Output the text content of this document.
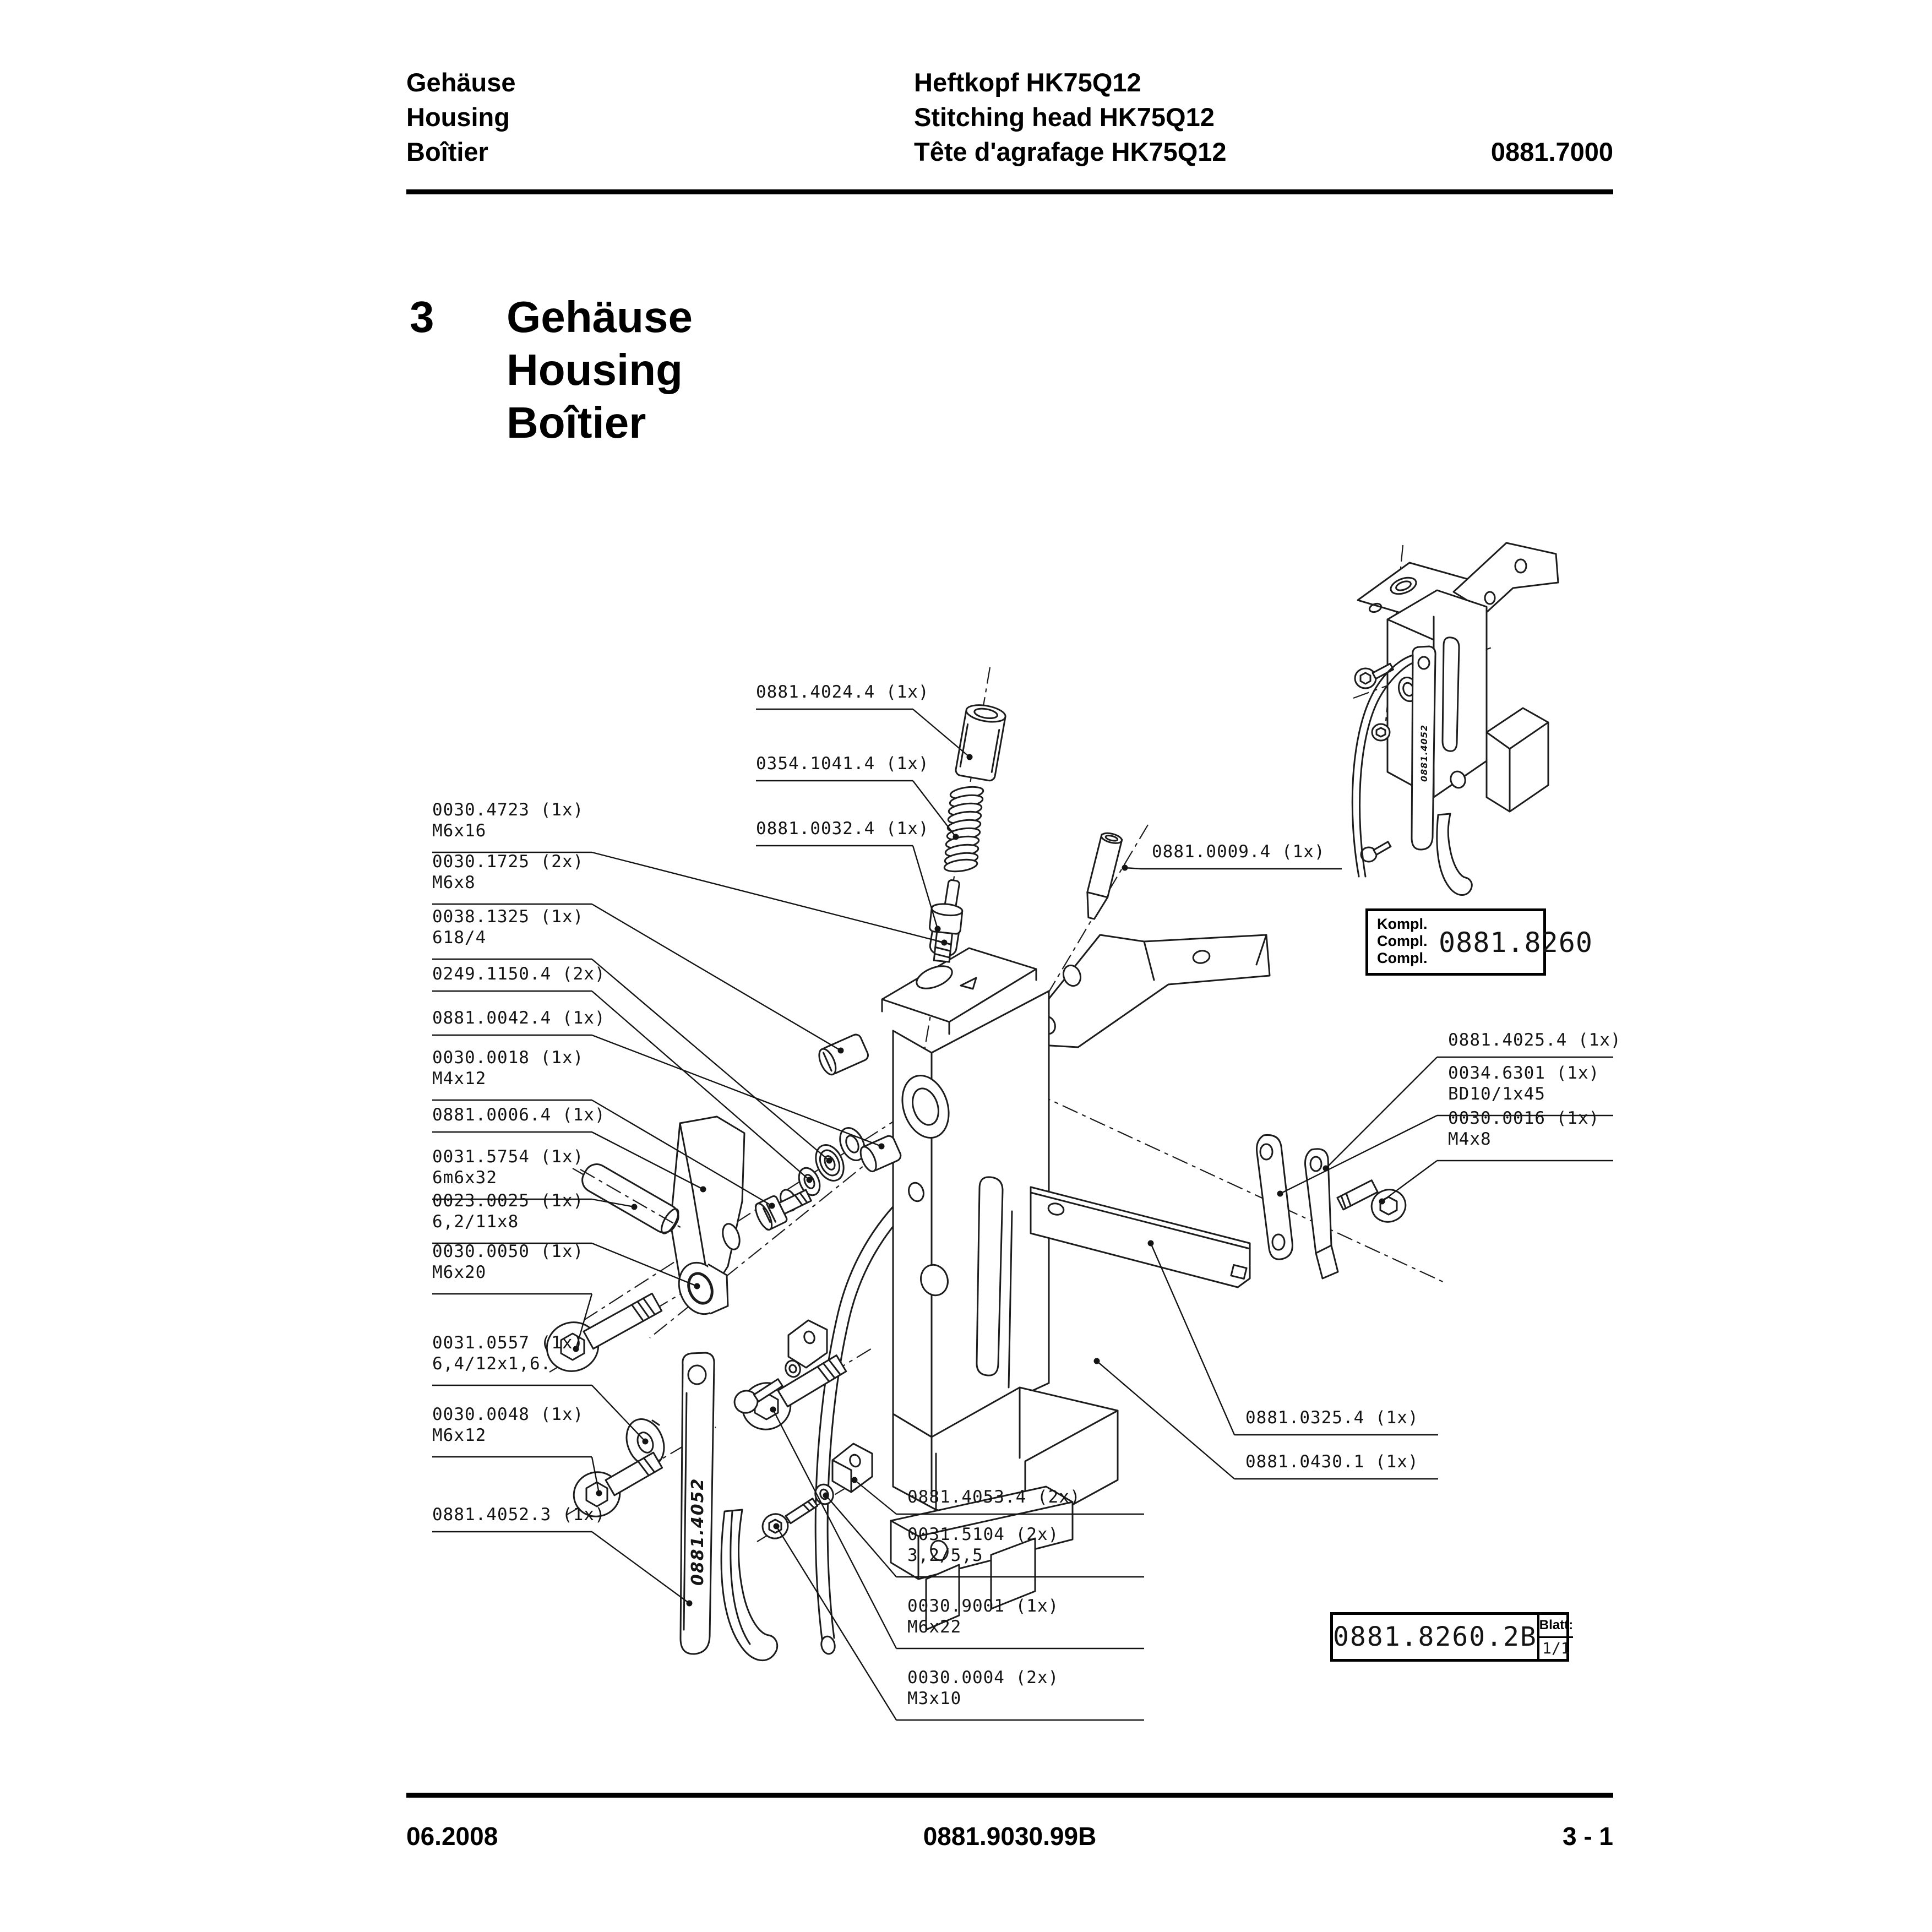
Gehäuse
Housing
Boîtier
Heftkopf HK75Q12
Stitching head HK75Q12
Tête d'agrafage HK75Q12	0881.7000
3 Gehäuse
Housing
Boîtier
0881.4052
0881.4052
0030.4723 (1x)
M6x16
0030.1725 (2x)
M6x8
0038.1325 (1x)
618/4
0249.1150.4 (2x)
0881.0042.4 (1x)
0030.0018 (1x)
M4x12
0881.0006.4 (1x)
0031.5754 (1x)
6m6x32
0023.0025 (1x)
6,2/11x8
0030.0050 (1x)
M6x20
0031.0557 (1x)
6,4/12x1,6.
0030.0048 (1x)
M6x12
0881.4052.3 (1x)
0881.4024.4 (1x)
0354.1041.4 (1x)
0881.0032.4 (1x)
0881.0009.4 (1x)
0881.4025.4 (1x)
0034.6301 (1x)
BD10/1x45
0030.0016 (1x)
M4x8
0881.0325.4 (1x)
0881.0430.1 (1x)
0881.4053.4 (2x)
0031.5104 (2x)
3,2/5,5
0030.9001 (1x)
M6x22
0030.0004 (2x)
M3x10
Kompl.
Compl.
Compl. 0881.8260
0881.8260.2B Blatt:
1/1
06.2008	0881.9030.99B	3 - 1
